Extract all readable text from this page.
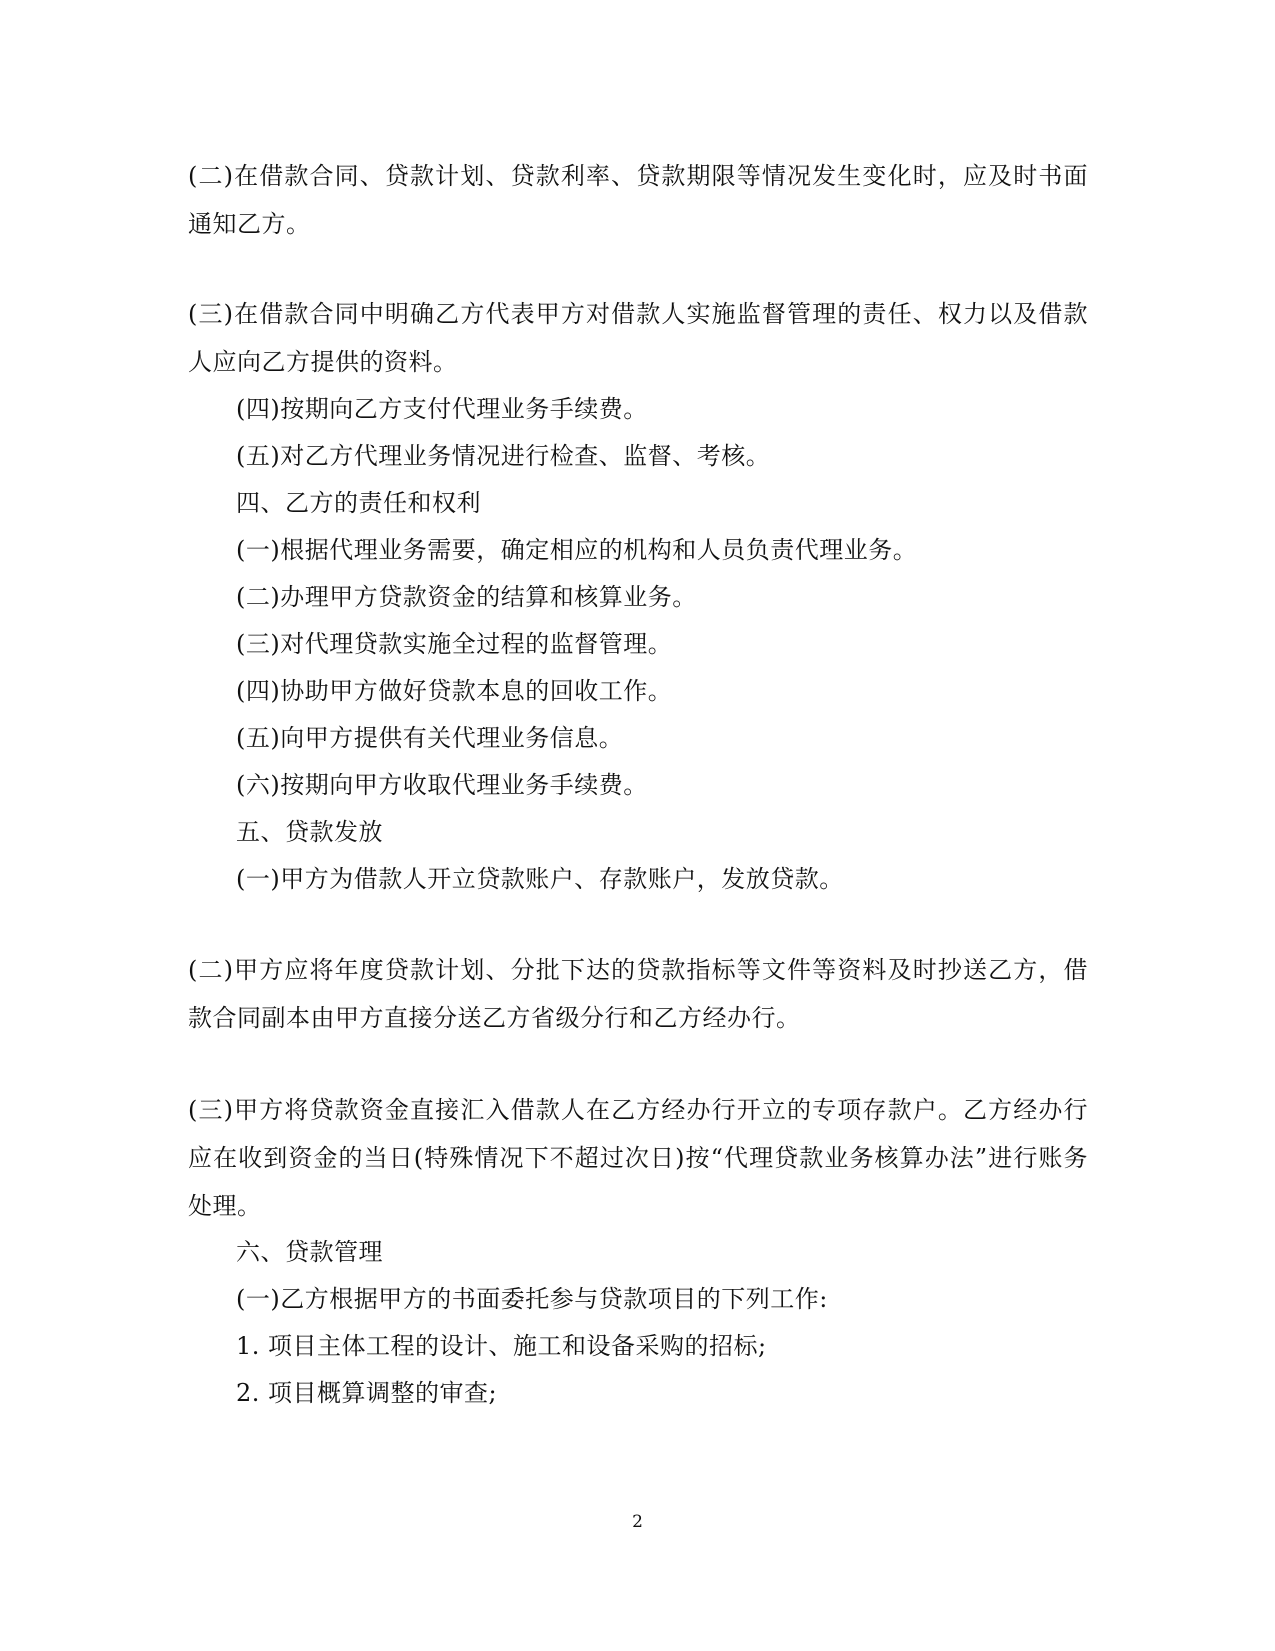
(二)在借款合同、贷款计划、贷款利率、贷款期限等情况发生变化时，应及时书面通知乙方。
(三)在借款合同中明确乙方代表甲方对借款人实施监督管理的责任、权力以及借款人应向乙方提供的资料。
(四)按期向乙方支付代理业务手续费。
(五)对乙方代理业务情况进行检查、监督、考核。
四、乙方的责任和权利
(一)根据代理业务需要，确定相应的机构和人员负责代理业务。
(二)办理甲方贷款资金的结算和核算业务。
(三)对代理贷款实施全过程的监督管理。
(四)协助甲方做好贷款本息的回收工作。
(五)向甲方提供有关代理业务信息。
(六)按期向甲方收取代理业务手续费。
五、贷款发放
(一)甲方为借款人开立贷款账户、存款账户，发放贷款。
(二)甲方应将年度贷款计划、分批下达的贷款指标等文件等资料及时抄送乙方，借款合同副本由甲方直接分送乙方省级分行和乙方经办行。
(三)甲方将贷款资金直接汇入借款人在乙方经办行开立的专项存款户。乙方经办行应在收到资金的当日(特殊情况下不超过次日)按“代理贷款业务核算办法”进行账务处理。
六、贷款管理
(一)乙方根据甲方的书面委托参与贷款项目的下列工作:
1. 项目主体工程的设计、施工和设备采购的招标;
2. 项目概算调整的审查;
2
